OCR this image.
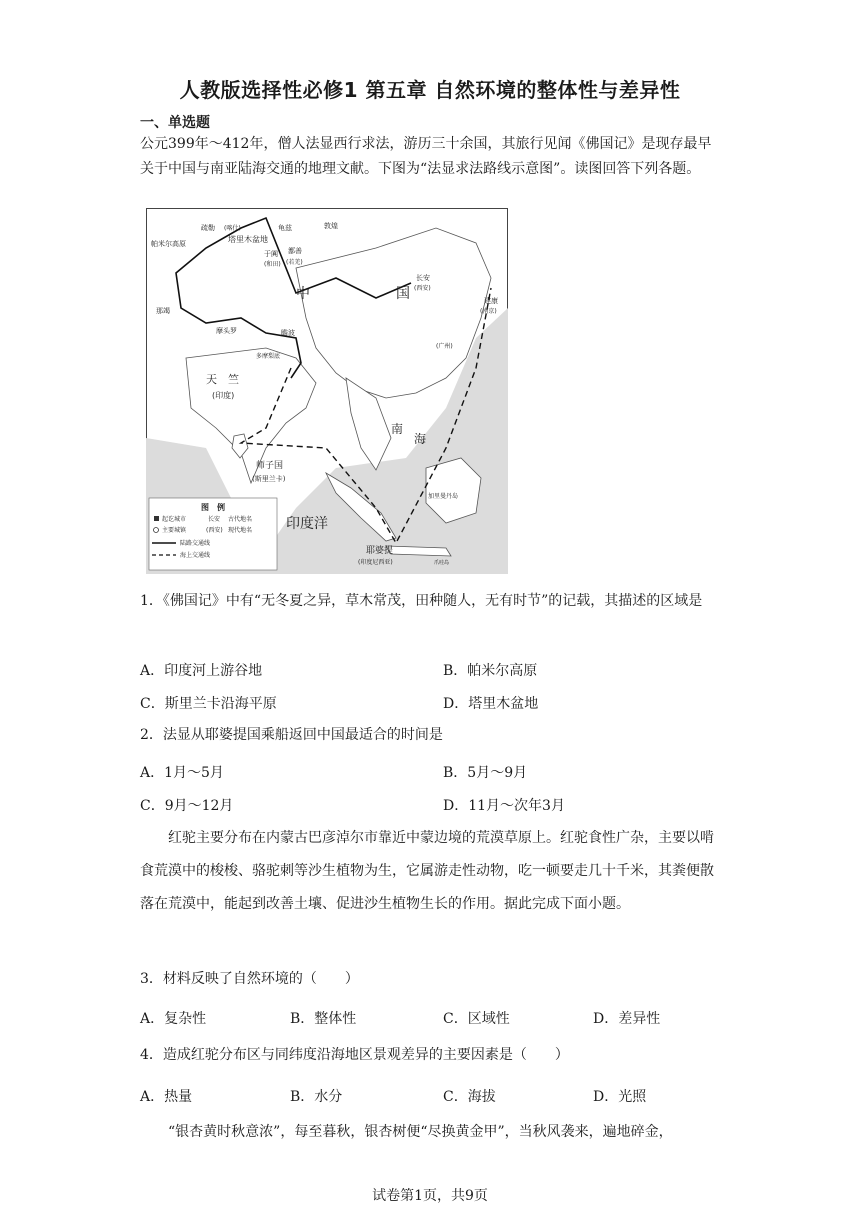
人教版选择性必修1 第五章 自然环境的整体性与差异性
一、单选题
公元399年～412年，僧人法显西行求法，游历三十余国，其旅行见闻《佛国记》是现存最早关于中国与南亚陆海交通的地理文献。下图为“法显求法路线示意图”。读图回答下列各题。
疏勒 (喀什)	龟兹
塔里木盆地
帕米尔高原
于阗
(和田)
鄯善
(若羌)
敦煌
长安
(西安)
建康
(南京)
中	国
那竭
摩头罗	瞻波
多摩梨底
天　竺
(印度)
(广州)
师子国
(斯里兰卡)
南
海
加里曼丹岛
印度洋
耶婆提
(印度尼西亚)	爪哇岛
图　例
起讫城市	长安 古代地名
主要城镇	(西安) 现代地名
陆路交通线
海上交通线
1．《佛国记》中有“无冬夏之异，草木常茂，田种随人，无有时节”的记载，其描述的区域是
A．印度河上游谷地	B．帕米尔高原
C．斯里兰卡沿海平原	D．塔里木盆地
2．法显从耶婆提国乘船返回中国最适合的时间是
A．1月～5月	B．5月～9月
C．9月～12月	D．11月～次年3月
红驼主要分布在内蒙古巴彦淖尔市靠近中蒙边境的荒漠草原上。红驼食性广杂，主要以啃食荒漠中的梭梭、骆驼刺等沙生植物为生，它属游走性动物，吃一顿要走几十千米，其粪便散落在荒漠中，能起到改善土壤、促进沙生植物生长的作用。据此完成下面小题。
3．材料反映了自然环境的（　　）
A．复杂性	B．整体性	C．区域性	D．差异性
4．造成红驼分布区与同纬度沿海地区景观差异的主要因素是（　　）
A．热量	B．水分	C．海拔	D．光照
“银杏黄时秋意浓”，每至暮秋，银杏树便“尽换黄金甲”，当秋风袭来，遍地碎金，
试卷第1页，共9页
